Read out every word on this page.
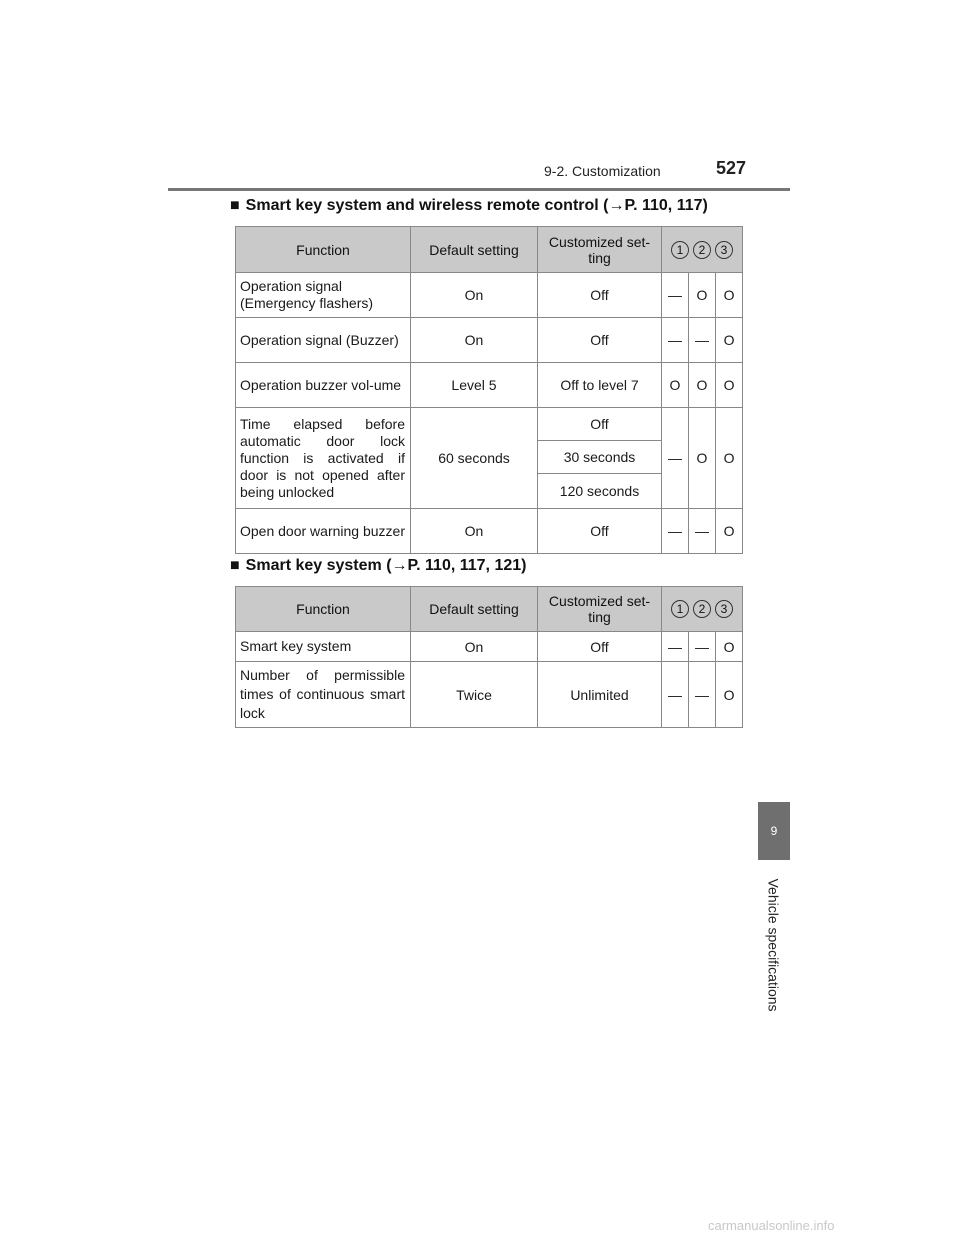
9-2. Customization	527
■ Smart key system and wireless remote control (→P. 110, 117)
Function	Default setting	Customized set-ting	1 2 3		
Operation signal (Emergency flashers)	On	Off	—	O	O
Operation signal (Buzzer)	On	Off	—	—	O
Operation buzzer vol-ume	Level 5	Off to level 7	O	O	O
Time elapsed before automatic door lock function is activated if door is not opened after being unlocked	60 seconds	Off	—	O	O
		30 seconds			
		120 seconds			
Open door warning buzzer	On	Off	—	—	O
■ Smart key system (→P. 110, 117, 121)
Function	Default setting	Customized set-ting	1 2 3		
Smart key system	On	Off	—	—	O
Number of permissible times of continuous smart lock	Twice	Unlimited	—	—	O
9
Vehicle specifications
carmanualsonline.info
